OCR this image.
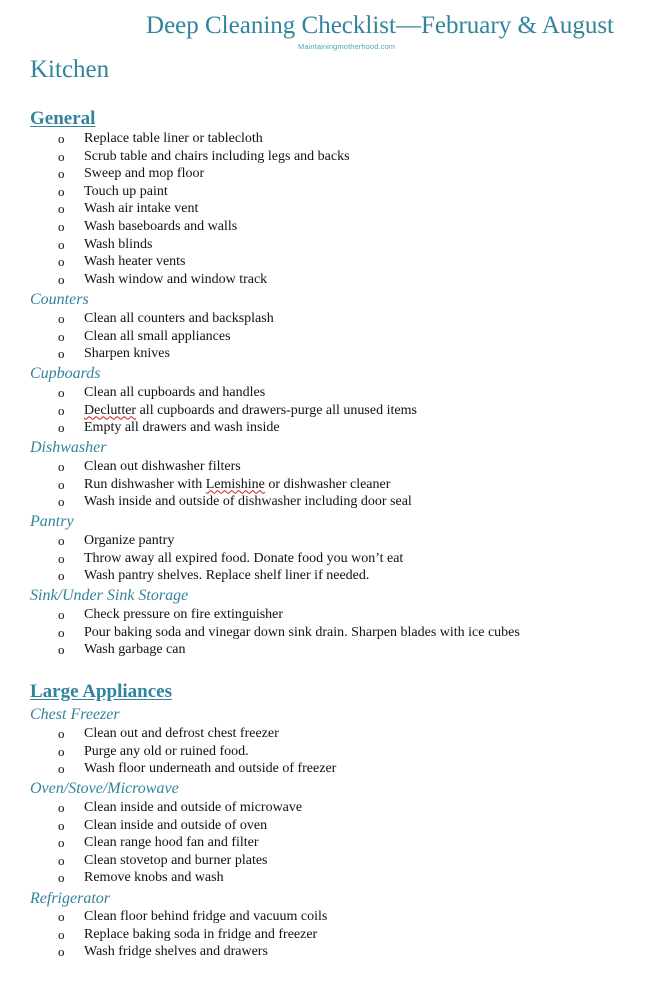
Deep Cleaning Checklist—February & August
Maintainingmotherhood.com
Kitchen
General
o Replace table liner or tablecloth
o Scrub table and chairs including legs and backs
o Sweep and mop floor
o Touch up paint
o Wash air intake vent
o Wash baseboards and walls
o Wash blinds
o Wash heater vents
o Wash window and window track
Counters
o Clean all counters and backsplash
o Clean all small appliances
o Sharpen knives
Cupboards
o Clean all cupboards and handles
o Declutter all cupboards and drawers-purge all unused items
o Empty all drawers and wash inside
Dishwasher
o Clean out dishwasher filters
o Run dishwasher with Lemishine or dishwasher cleaner
o Wash inside and outside of dishwasher including door seal
Pantry
o Organize pantry
o Throw away all expired food. Donate food you won’t eat
o Wash pantry shelves. Replace shelf liner if needed.
Sink/Under Sink Storage
o Check pressure on fire extinguisher
o Pour baking soda and vinegar down sink drain. Sharpen blades with ice cubes
o Wash garbage can
Large Appliances
Chest Freezer
o Clean out and defrost chest freezer
o Purge any old or ruined food.
o Wash floor underneath and outside of freezer
Oven/Stove/Microwave
o Clean inside and outside of microwave
o Clean inside and outside of oven
o Clean range hood fan and filter
o Clean stovetop and burner plates
o Remove knobs and wash
Refrigerator
o Clean floor behind fridge and vacuum coils
o Replace baking soda in fridge and freezer
o Wash fridge shelves and drawers
